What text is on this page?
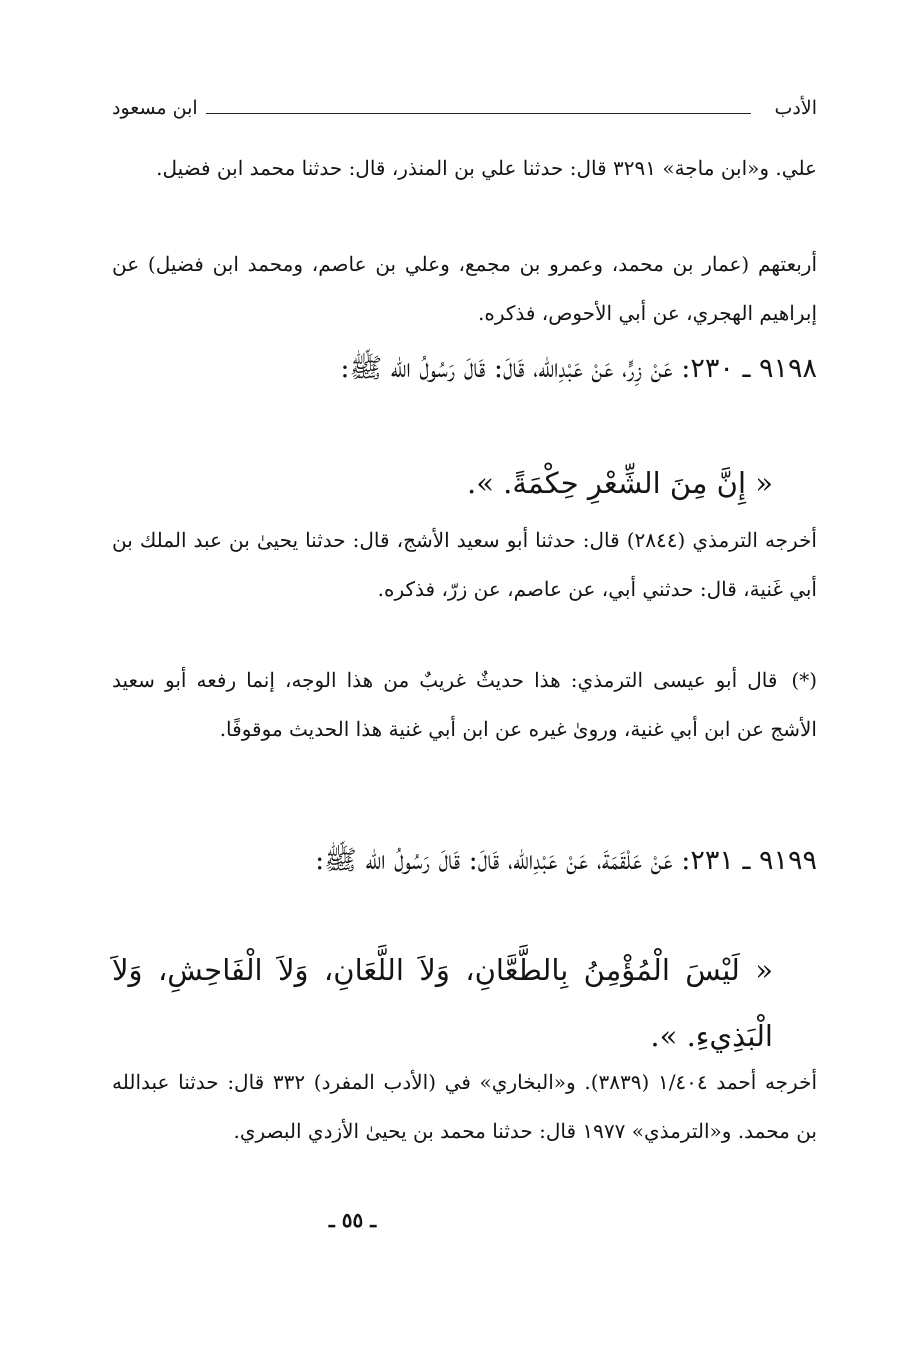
الأدب
ابن مسعود

علي. و«ابن ماجة» ٣٢٩١ قال: حدثنا علي بن المنذر، قال: حدثنا محمد ابن فضيل.

أربعتهم (عمار بن محمد، وعمرو بن مجمع، وعلي بن عاصم، ومحمد ابن فضيل) عن إبراهيم الهجري، عن أبي الأحوص، فذكره.

٩١٩٨ ـ ٢٣٠: عَنْ زِرٍّ، عَنْ عَبْدِالله، قَالَ: قَالَ رَسُولُ الله ﷺ:

« إِنَّ مِنَ الشِّعْرِ حِكْمَةً. ».

أخرجه الترمذي (٢٨٤٤) قال: حدثنا أبو سعيد الأشج، قال: حدثنا يحيىٰ بن عبد الملك بن أبي غَنية، قال: حدثني أبي، عن عاصم، عن زرّ، فذكره.

(*)قال أبو عيسى الترمذي: هذا حديثٌ غريبٌ من هذا الوجه، إنما رفعه أبو سعيد الأشج عن ابن أبي غنية، وروىٰ غيره عن ابن أبي غنية هذا الحديث موقوفًا.

٩١٩٩ ـ ٢٣١: عَنْ عَلْقَمَةَ، عَنْ عَبْدِالله، قَالَ: قَالَ رَسُولُ الله ﷺ:

« لَيْسَ الْمُؤْمِنُ بِالطَّعَّانِ، وَلاَ اللَّعَانِ، وَلاَ الْفَاحِشِ، وَلاَ الْبَذِيءِ. ».

أخرجه أحمد ١/٤٠٤ (٣٨٣٩). و«البخاري» في (الأدب المفرد) ٣٣٢ قال: حدثنا عبدالله بن محمد. و«الترمذي» ١٩٧٧ قال: حدثنا محمد بن يحيىٰ الأزدي البصري.

ـ ٥٥ ـ
